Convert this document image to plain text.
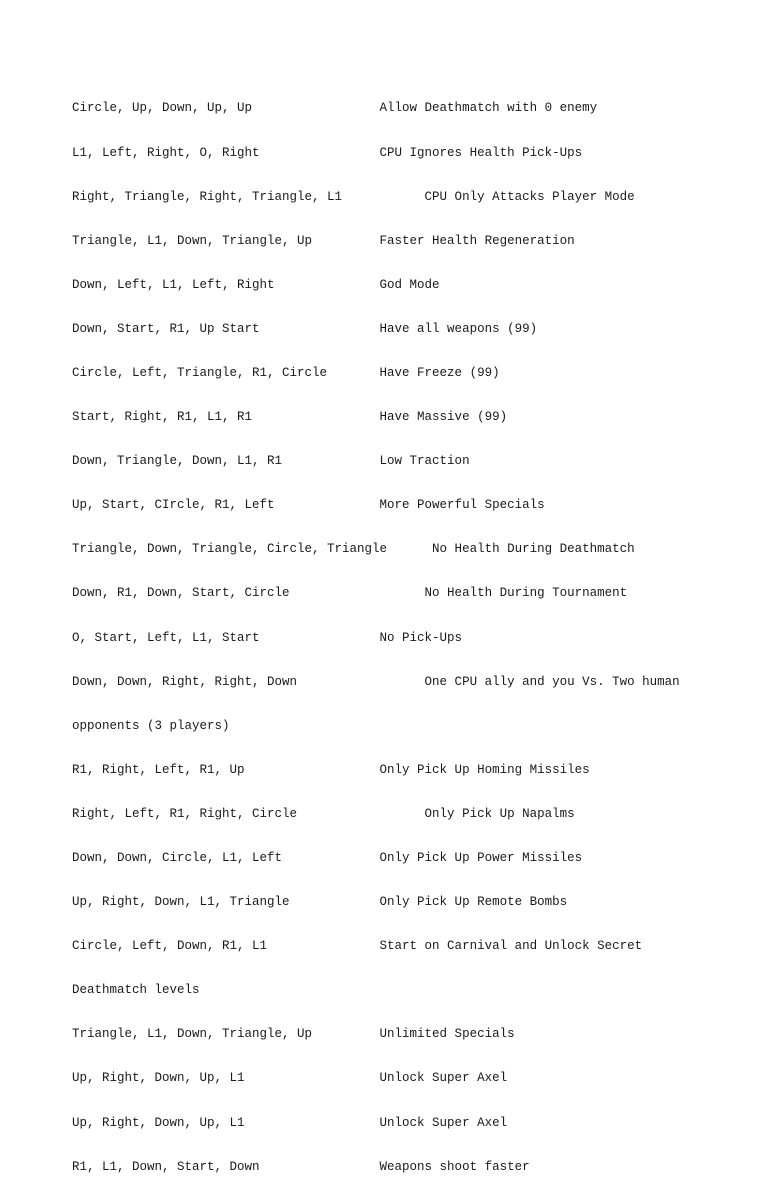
Circle, Up, Down, Up, Up                 Allow Deathmatch with 0 enemy

L1, Left, Right, O, Right                CPU Ignores Health Pick-Ups

Right, Triangle, Right, Triangle, L1           CPU Only Attacks Player Mode

Triangle, L1, Down, Triangle, Up         Faster Health Regeneration

Down, Left, L1, Left, Right              God Mode

Down, Start, R1, Up Start                Have all weapons (99)

Circle, Left, Triangle, R1, Circle       Have Freeze (99)

Start, Right, R1, L1, R1                 Have Massive (99)

Down, Triangle, Down, L1, R1             Low Traction

Up, Start, CIrcle, R1, Left              More Powerful Specials

Triangle, Down, Triangle, Circle, Triangle      No Health During Deathmatch

Down, R1, Down, Start, Circle                  No Health During Tournament

O, Start, Left, L1, Start                No Pick-Ups

Down, Down, Right, Right, Down                 One CPU ally and you Vs. Two human

opponents (3 players)

R1, Right, Left, R1, Up                  Only Pick Up Homing Missiles

Right, Left, R1, Right, Circle                 Only Pick Up Napalms

Down, Down, Circle, L1, Left             Only Pick Up Power Missiles

Up, Right, Down, L1, Triangle            Only Pick Up Remote Bombs

Circle, Left, Down, R1, L1               Start on Carnival and Unlock Secret

Deathmatch levels

Triangle, L1, Down, Triangle, Up         Unlimited Specials

Up, Right, Down, Up, L1                  Unlock Super Axel

Up, Right, Down, Up, L1                  Unlock Super Axel

R1, L1, Down, Start, Down                Weapons shoot faster
